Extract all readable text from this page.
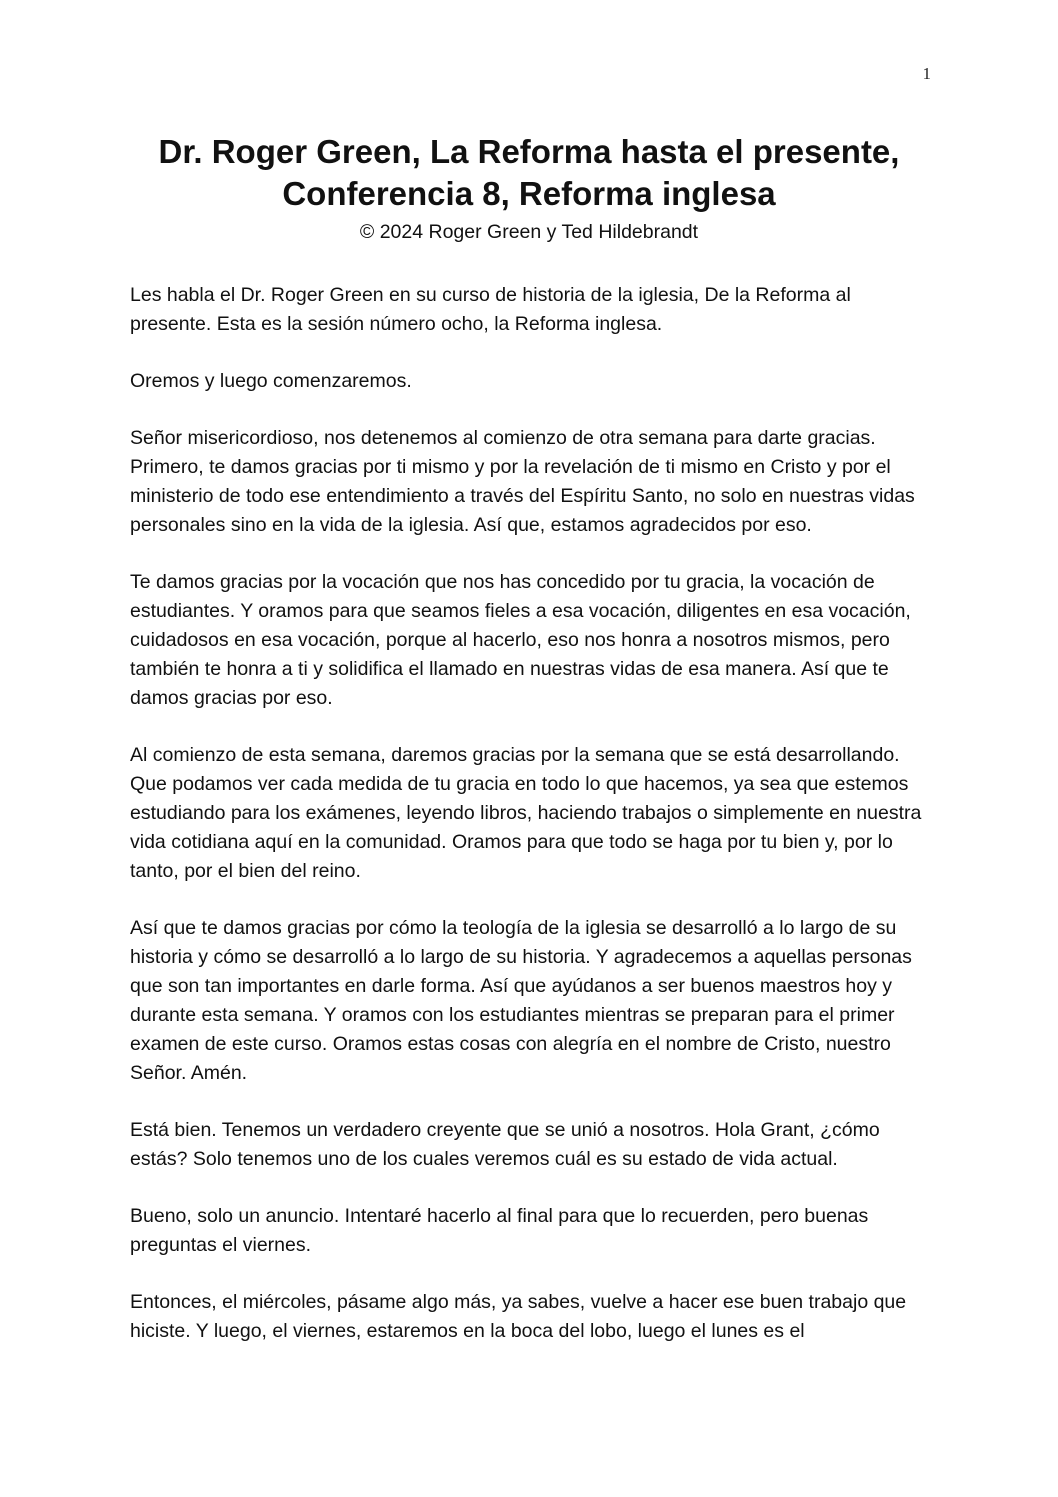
1
Dr. Roger Green, La Reforma hasta el presente,
Conferencia 8, Reforma inglesa
© 2024 Roger Green y Ted Hildebrandt

Les habla el Dr. Roger Green en su curso de historia de la iglesia, De la Reforma al presente. Esta es la sesión número ocho, la Reforma inglesa.

Oremos y luego comenzaremos.

Señor misericordioso, nos detenemos al comienzo de otra semana para darte gracias. Primero, te damos gracias por ti mismo y por la revelación de ti mismo en Cristo y por el ministerio de todo ese entendimiento a través del Espíritu Santo, no solo en nuestras vidas personales sino en la vida de la iglesia. Así que, estamos agradecidos por eso.

Te damos gracias por la vocación que nos has concedido por tu gracia, la vocación de estudiantes. Y oramos para que seamos fieles a esa vocación, diligentes en esa vocación, cuidadosos en esa vocación, porque al hacerlo, eso nos honra a nosotros mismos, pero también te honra a ti y solidifica el llamado en nuestras vidas de esa manera. Así que te damos gracias por eso.

Al comienzo de esta semana, daremos gracias por la semana que se está desarrollando. Que podamos ver cada medida de tu gracia en todo lo que hacemos, ya sea que estemos estudiando para los exámenes, leyendo libros, haciendo trabajos o simplemente en nuestra vida cotidiana aquí en la comunidad. Oramos para que todo se haga por tu bien y, por lo tanto, por el bien del reino.

Así que te damos gracias por cómo la teología de la iglesia se desarrolló a lo largo de su historia y cómo se desarrolló a lo largo de su historia. Y agradecemos a aquellas personas que son tan importantes en darle forma. Así que ayúdanos a ser buenos maestros hoy y durante esta semana. Y oramos con los estudiantes mientras se preparan para el primer examen de este curso. Oramos estas cosas con alegría en el nombre de Cristo, nuestro Señor. Amén.

Está bien. Tenemos un verdadero creyente que se unió a nosotros. Hola Grant, ¿cómo estás? Solo tenemos uno de los cuales veremos cuál es su estado de vida actual.

Bueno, solo un anuncio. Intentaré hacerlo al final para que lo recuerden, pero buenas preguntas el viernes.

Entonces, el miércoles, pásame algo más, ya sabes, vuelve a hacer ese buen trabajo que hiciste. Y luego, el viernes, estaremos en la boca del lobo, luego el lunes es el
